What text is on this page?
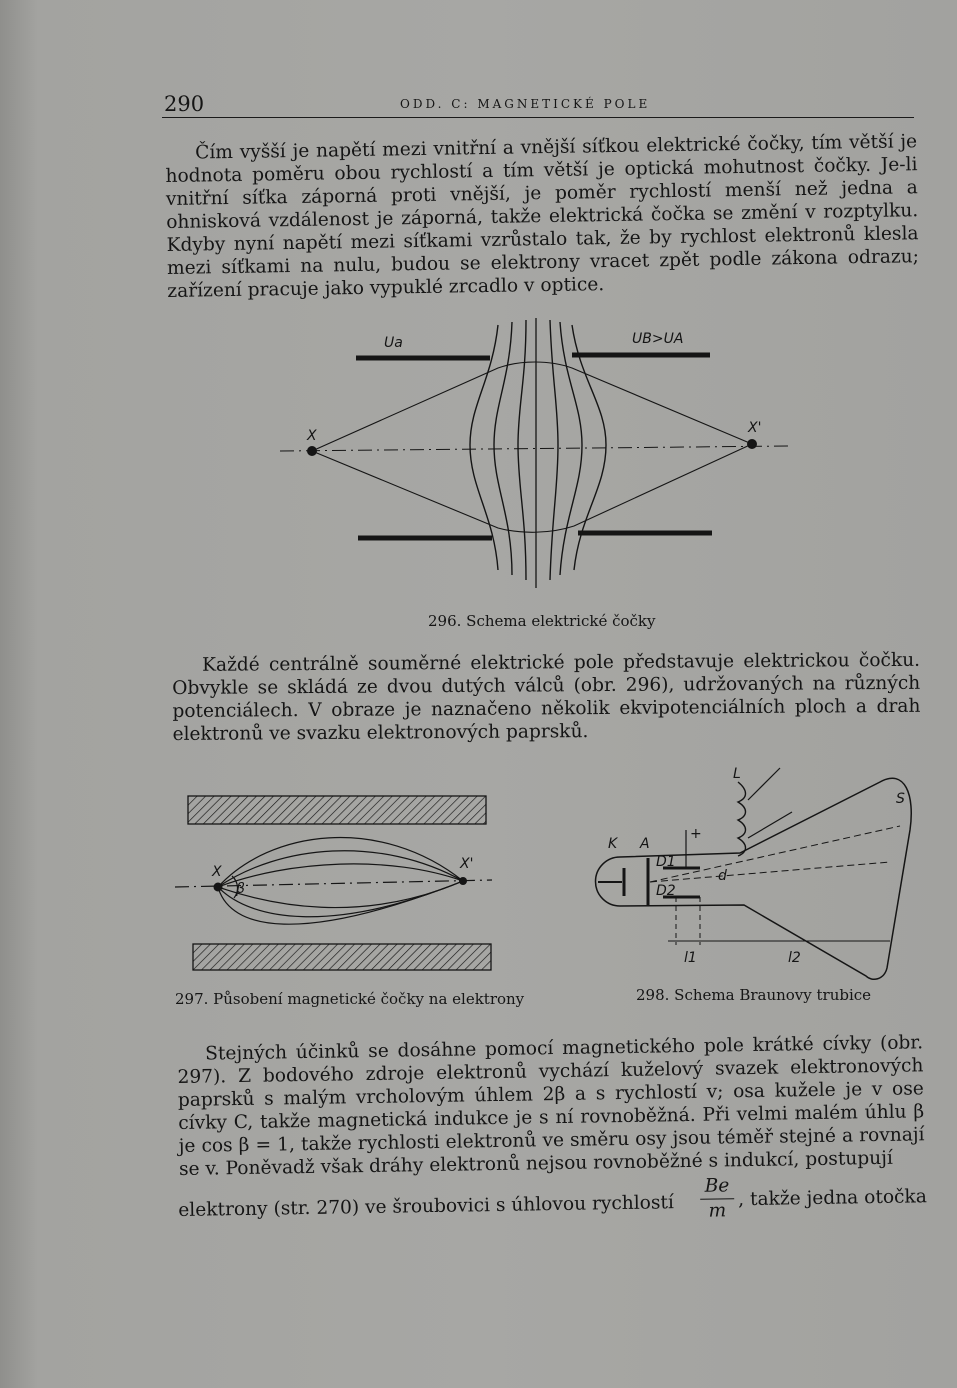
290	ODD. C: MAGNETICKÉ POLE

Čím vyšší je napětí mezi vnitřní a vnější síťkou elektrické čočky, tím větší je hodnota poměru obou rychlostí a tím větší je optická mohutnost čočky. Je-li vnitřní síťka záporná proti vnější, je poměr rychlostí menší než jedna a ohnisková vzdálenost je záporná, takže elektrická čočka se změní v rozptylku. Kdyby nyní napětí mezi síťkami vzrůstalo tak, že by rychlost elektronů klesla mezi síťkami na nulu, budou se elektrony vracet zpět podle zákona odrazu; zařízení pracuje jako vypuklé zrcadlo v optice.

Ua	UB>UA
X	X'
296. Schema elektrické čočky

Každé centrálně souměrné elektrické pole představuje elektrickou čočku. Obvykle se skládá ze dvou dutých válců (obr. 296), udržovaných na různých potenciálech. V obraze je naznačeno několik ekvipotenciálních ploch a drah elektronů ve svazku elektronových paprsků.

X	X'
β
L
S
K A
+
D1
D2
d
l1	l2
297. Působení magnetické čočky na elektrony	298. Schema Braunovy trubice

Stejných účinků se dosáhne pomocí magnetického pole krátké cívky (obr. 297). Z bodového zdroje elektronů vychází kuželový svazek elektronových paprsků s malým vrcholovým úhlem 2β a s rychlostí v; osa kužele je v ose cívky C, takže magnetická indukce je s ní rovnoběžná. Při velmi malém úhlu β je cos β = 1, takže rychlosti elektronů ve směru osy jsou téměř stejné a rovnají se v. Poněvadž však dráhy elektronů nejsou rovnoběžné s indukcí, postupují

elektrony (str. 270) ve šroubovici s úhlovou rychlostí
Be
m
, takže jedna otočka
